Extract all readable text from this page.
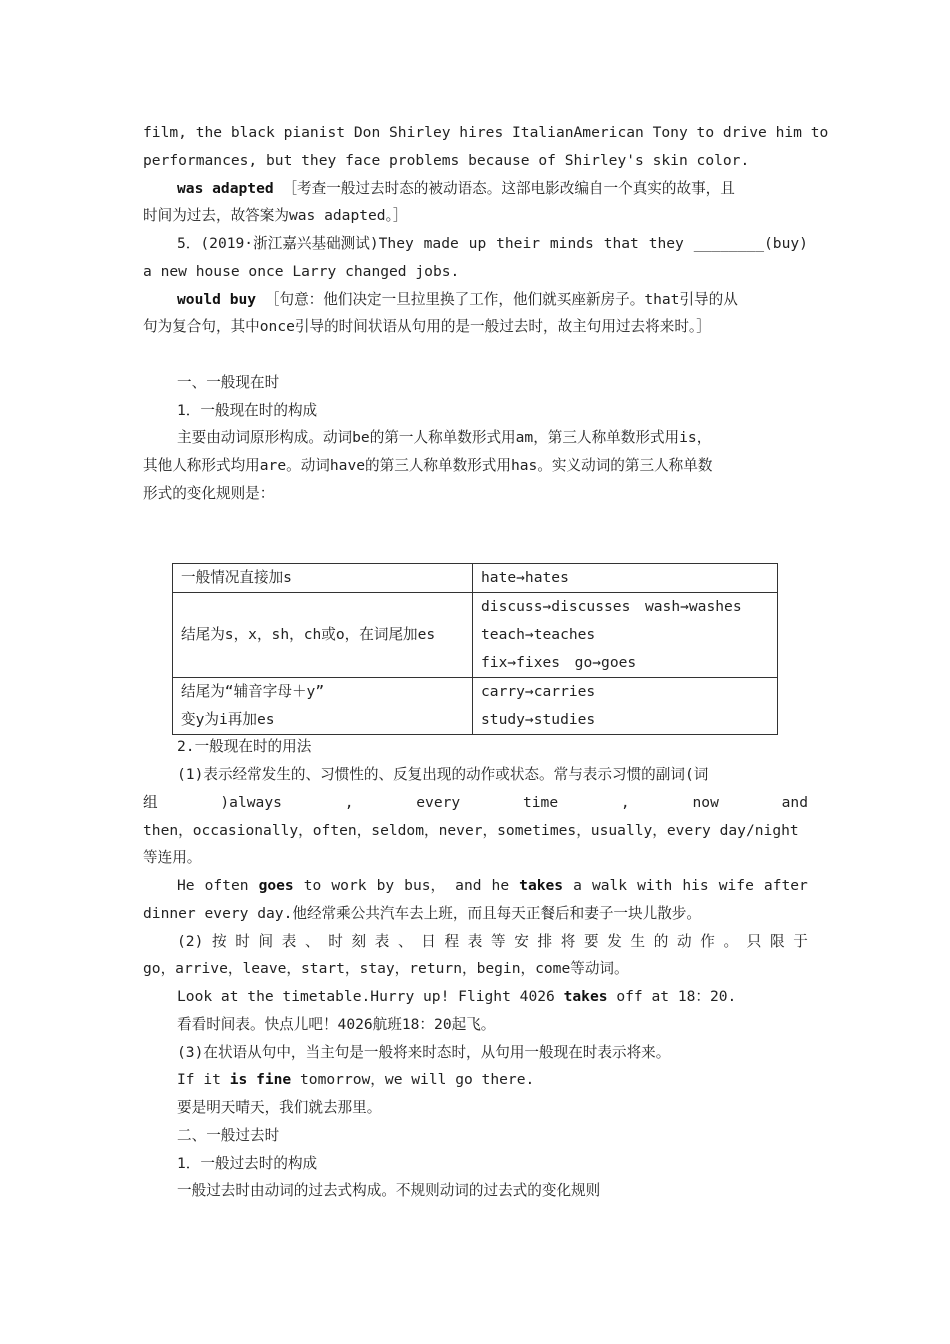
film, the black pianist Don Shirley hires ItalianAmerican Tony to drive him to
performances, but they face problems because of Shirley's skin color.
was adapted ［考查一般过去时态的被动语态。这部电影改编自一个真实的故事，且
时间为过去，故答案为was adapted。］
5．(2019·浙江嘉兴基础测试)They made up their minds that they ________(buy)
a new house once Larry changed jobs.
would buy ［句意：他们决定一旦拉里换了工作，他们就买座新房子。that引导的从
句为复合句，其中once引导的时间状语从句用的是一般过去时，故主句用过去将来时。］
一、一般现在时
1．一般现在时的构成
主要由动词原形构成。动词be的第一人称单数形式用am，第三人称单数形式用is，
其他人称形式均用are。动词have的第三人称单数形式用has。实义动词的第三人称单数
形式的变化规则是：
一般情况直接加s	hate→hates

结尾为s，x，sh，ch或o，在词尾加es	discuss→discusses　wash→washes
teach→teaches
fix→fixes　go→goes

结尾为“辅音字母＋y”
变y为i再加es	carry→carries
study→studies
2.一般现在时的用法
(1)表示经常发生的、习惯性的、反复出现的动作或状态。常与表示习惯的副词(词
组	)always	,	every	time	,	now	and
then，occasionally，often，seldom，never，sometimes，usually，every day/night
等连用。
He often goes to work by bus， and he takes a walk with his wife after
dinner every day.他经常乘公共汽车去上班，而且每天正餐后和妻子一块儿散步。
(2) 按 时 间 表 、 时 刻 表 、 日 程 表 等 安 排 将 要 发 生 的 动 作 。 只 限 于
go，arrive，leave，start，stay，return，begin，come等动词。
Look at the timetable.Hurry up! Flight 4026 takes off at 18：20.
看看时间表。快点儿吧！4026航班18：20起飞。
(3)在状语从句中，当主句是一般将来时态时，从句用一般现在时表示将来。
If it is fine tomorrow，we will go there.
要是明天晴天，我们就去那里。
二、一般过去时
1．一般过去时的构成
一般过去时由动词的过去式构成。不规则动词的过去式的变化规则
